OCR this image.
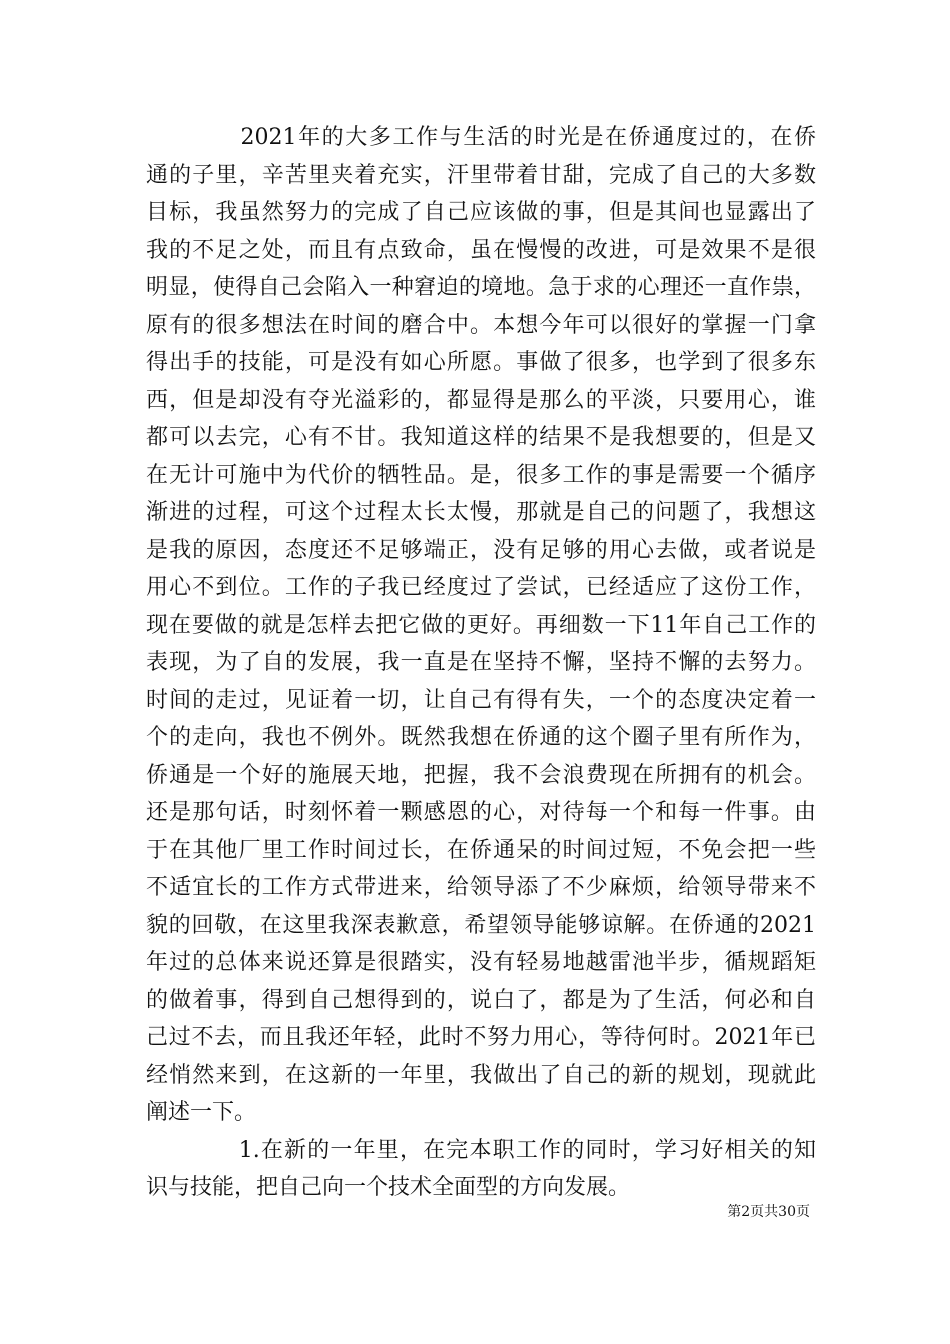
　　　　2021年的大多工作与生活的时光是在侨通度过的，在侨
通的子里，辛苦里夹着充实，汗里带着甘甜，完成了自己的大多数
目标，我虽然努力的完成了自己应该做的事，但是其间也显露出了
我的不足之处，而且有点致命，虽在慢慢的改进，可是效果不是很
明显，使得自己会陷入一种窘迫的境地。急于求的心理还一直作祟，
原有的很多想法在时间的磨合中。本想今年可以很好的掌握一门拿
得出手的技能，可是没有如心所愿。事做了很多，也学到了很多东
西，但是却没有夺光溢彩的，都显得是那么的平淡，只要用心，谁
都可以去完，心有不甘。我知道这样的结果不是我想要的，但是又
在无计可施中为代价的牺牲品。是，很多工作的事是需要一个循序
渐进的过程，可这个过程太长太慢，那就是自己的问题了，我想这
是我的原因，态度还不足够端正，没有足够的用心去做，或者说是
用心不到位。工作的子我已经度过了尝试，已经适应了这份工作，
现在要做的就是怎样去把它做的更好。再细数一下11年自己工作的
表现，为了自的发展，我一直是在坚持不懈，坚持不懈的去努力。
时间的走过，见证着一切，让自己有得有失，一个的态度决定着一
个的走向，我也不例外。既然我想在侨通的这个圈子里有所作为，
侨通是一个好的施展天地，把握，我不会浪费现在所拥有的机会。
还是那句话，时刻怀着一颗感恩的心，对待每一个和每一件事。由
于在其他厂里工作时间过长，在侨通呆的时间过短，不免会把一些
不适宜长的工作方式带进来，给领导添了不少麻烦，给领导带来不
貌的回敬，在这里我深表歉意，希望领导能够谅解。在侨通的2021
年过的总体来说还算是很踏实，没有轻易地越雷池半步，循规蹈矩
的做着事，得到自己想得到的，说白了，都是为了生活，何必和自
己过不去，而且我还年轻，此时不努力用心，等待何时。2021年已
经悄然来到，在这新的一年里，我做出了自己的新的规划，现就此
阐述一下。
　　　　1.在新的一年里，在完本职工作的同时，学习好相关的知
识与技能，把自己向一个技术全面型的方向发展。
第2页共30页
